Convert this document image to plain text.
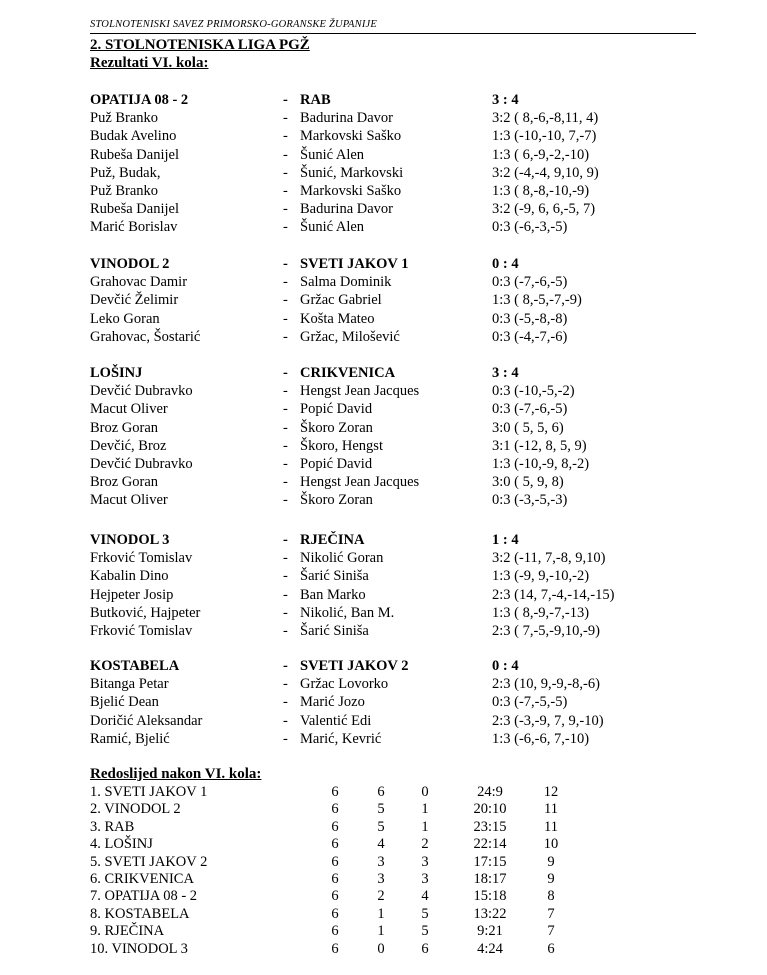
STOLNOTENISKI SAVEZ PRIMORSKO-GORANSKE ŽUPANIJE
2. STOLNOTENISKA LIGA PGŽ
Rezultati VI. kola:
OPATIJA 08 - 2	- RAB	3 : 4
Puž Branko	- Badurina Davor	3:2 ( 8,-6,-8,11, 4)
Budak Avelino	- Markovski Saško	1:3 (-10,-10, 7,-7)
Rubeša Danijel	- Šunić Alen	1:3 ( 6,-9,-2,-10)
Puž, Budak,	- Šunić, Markovski	3:2 (-4,-4, 9,10, 9)
Puž Branko	- Markovski Saško	1:3 ( 8,-8,-10,-9)
Rubeša Danijel	- Badurina Davor	3:2 (-9, 6, 6,-5, 7)
Marić Borislav	- Šunić Alen	0:3 (-6,-3,-5)
VINODOL 2	- SVETI JAKOV 1	0 : 4
Grahovac Damir	- Salma Dominik	0:3 (-7,-6,-5)
Devčić Želimir	- Gržac Gabriel	1:3 ( 8,-5,-7,-9)
Leko Goran	- Košta Mateo	0:3 (-5,-8,-8)
Grahovac, Šostarić	- Gržac, Milošević	0:3 (-4,-7,-6)
LOŠINJ	- CRIKVENICA	3 : 4
Devčić Dubravko	- Hengst Jean Jacques	0:3 (-10,-5,-2)
Macut Oliver	- Popić David	0:3 (-7,-6,-5)
Broz Goran	- Škoro Zoran	3:0 ( 5, 5, 6)
Devčić, Broz	- Škoro, Hengst	3:1 (-12, 8, 5, 9)
Devčić Dubravko	- Popić David	1:3 (-10,-9, 8,-2)
Broz Goran	- Hengst Jean Jacques	3:0 ( 5, 9, 8)
Macut Oliver	- Škoro Zoran	0:3 (-3,-5,-3)
VINODOL 3	- RJEČINA	1 : 4
Frković Tomislav	- Nikolić Goran	3:2 (-11, 7,-8, 9,10)
Kabalin Dino	- Šarić Siniša	1:3 (-9, 9,-10,-2)
Hejpeter Josip	- Ban Marko	2:3 (14, 7,-4,-14,-15)
Butković, Hajpeter	- Nikolić, Ban M.	1:3 ( 8,-9,-7,-13)
Frković Tomislav	- Šarić Siniša	2:3 ( 7,-5,-9,10,-9)
KOSTABELA	- SVETI JAKOV 2	0 : 4
Bitanga Petar	- Gržac Lovorko	2:3 (10, 9,-9,-8,-6)
Bjelić Dean	- Marić Jozo	0:3 (-7,-5,-5)
Doričić Aleksandar	- Valentić Edi	2:3 (-3,-9, 7, 9,-10)
Ramić, Bjelić	- Marić, Kevrić	1:3 (-6,-6, 7,-10)
Redoslijed nakon VI. kola:
1. SVETI JAKOV 1	6	6	0	24:9	12
2. VINODOL 2	6	5	1	20:10	11
3. RAB	6	5	1	23:15	11
4. LOŠINJ	6	4	2	22:14	10
5. SVETI JAKOV 2	6	3	3	17:15	9
6. CRIKVENICA	6	3	3	18:17	9
7. OPATIJA 08 - 2	6	2	4	15:18	8
8. KOSTABELA	6	1	5	13:22	7
9. RJEČINA	6	1	5	9:21	7
10. VINODOL 3	6	0	6	4:24	6
